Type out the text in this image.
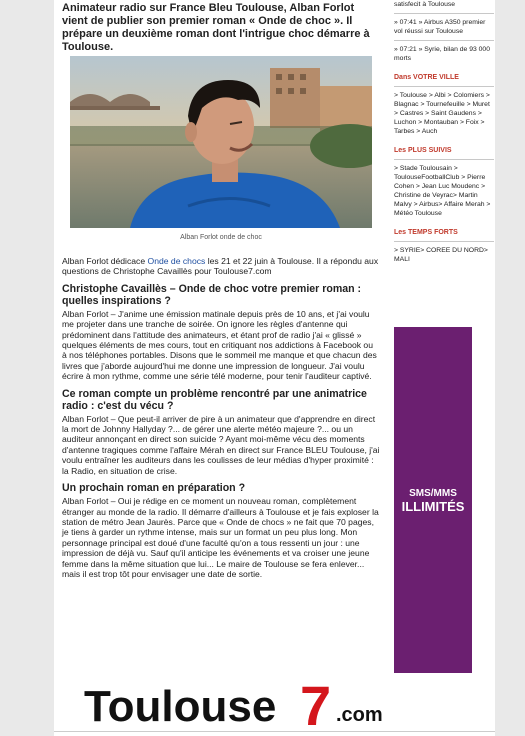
Animateur radio sur France Bleu Toulouse, Alban Forlot vient de publier son premier roman « Onde de choc ». Il prépare un deuxième roman dont l'intrigue choc démarre à Toulouse.

Alban Forlot onde de choc

Alban Forlot dédicace Onde de chocs les 21 et 22 juin à Toulouse. Il a répondu aux questions de Christophe Cavaillès pour Toulouse7.com

Christophe Cavaillès – Onde de choc votre premier roman : quelles inspirations ?

Alban Forlot – J'anime une émission matinale depuis près de 10 ans, et j'ai voulu me projeter dans une tranche de soirée. On ignore les règles d'antenne qui prédominent dans l'attitude des animateurs, et étant prof de radio j'ai « glissé » quelques éléments de mes cours, tout en critiquant nos addictions à Facebook ou à nos téléphones portables. Disons que le sommeil me manque et que chacun des livres que j'aborde aujourd'hui me donne une impression de longueur. J'ai voulu écrire à mon rythme, comme une série télé moderne, pour tenir l'auditeur captivé.

Ce roman compte un problème rencontré par une animatrice radio : c'est du vécu ?

Alban Forlot – Que peut-il arriver de pire à un animateur que d'apprendre en direct la mort de Johnny Hallyday ?... de gérer une alerte météo majeure ?... ou un auditeur annonçant en direct son suicide ? Ayant moi-même vécu des moments d'antenne tragiques comme l'affaire Mérah en direct sur France BLEU Toulouse, j'ai voulu entraîner les auditeurs dans les coulisses de leur médias d'hyper proximité : la Radio, en situation de crise.

Un prochain roman en préparation ?

Alban Forlot – Oui je rédige en ce moment un nouveau roman, complètement étranger au monde de la radio. Il démarre d'ailleurs à Toulouse et je fais exploser la station de métro Jean Jaurès. Parce que « Onde de chocs » ne fait que 70 pages, je tiens à garder un rythme intense, mais sur un format un peu plus long. Mon personnage principal est doué d'une faculté qu'on a tous ressenti un jour : une impression de déjà vu. Sauf qu'il anticipe les événements et va croiser une jeune femme dans la même situation que lui... Le maire de Toulouse se fera enlever... mais il est trop tôt pour envisager une date de sortie.

satisfecit à Toulouse
» 07:41 » Airbus A350 premier vol réussi sur Toulouse
» 07:21 » Syrie, bilan de 93 000 morts
Dans VOTRE VILLE
> Toulouse > Albi > Colomiers > Blagnac > Tournefeuille > Muret > Castres > Saint Gaudens > Luchon > Montauban > Foix > Tarbes > Auch
Les PLUS SUIVIS
> Stade Toulousain > ToulouseFootballClub > Pierre Cohen > Jean Luc Moudenc > Christine de Veyrac> Martin Malvy > Airbus> Affaire Merah > Météo Toulouse
Les TEMPS FORTS
> SYRIE> COREE DU NORD> MALI
SMS/MMS
ILLIMITÉS
Toulouse 7 .com
